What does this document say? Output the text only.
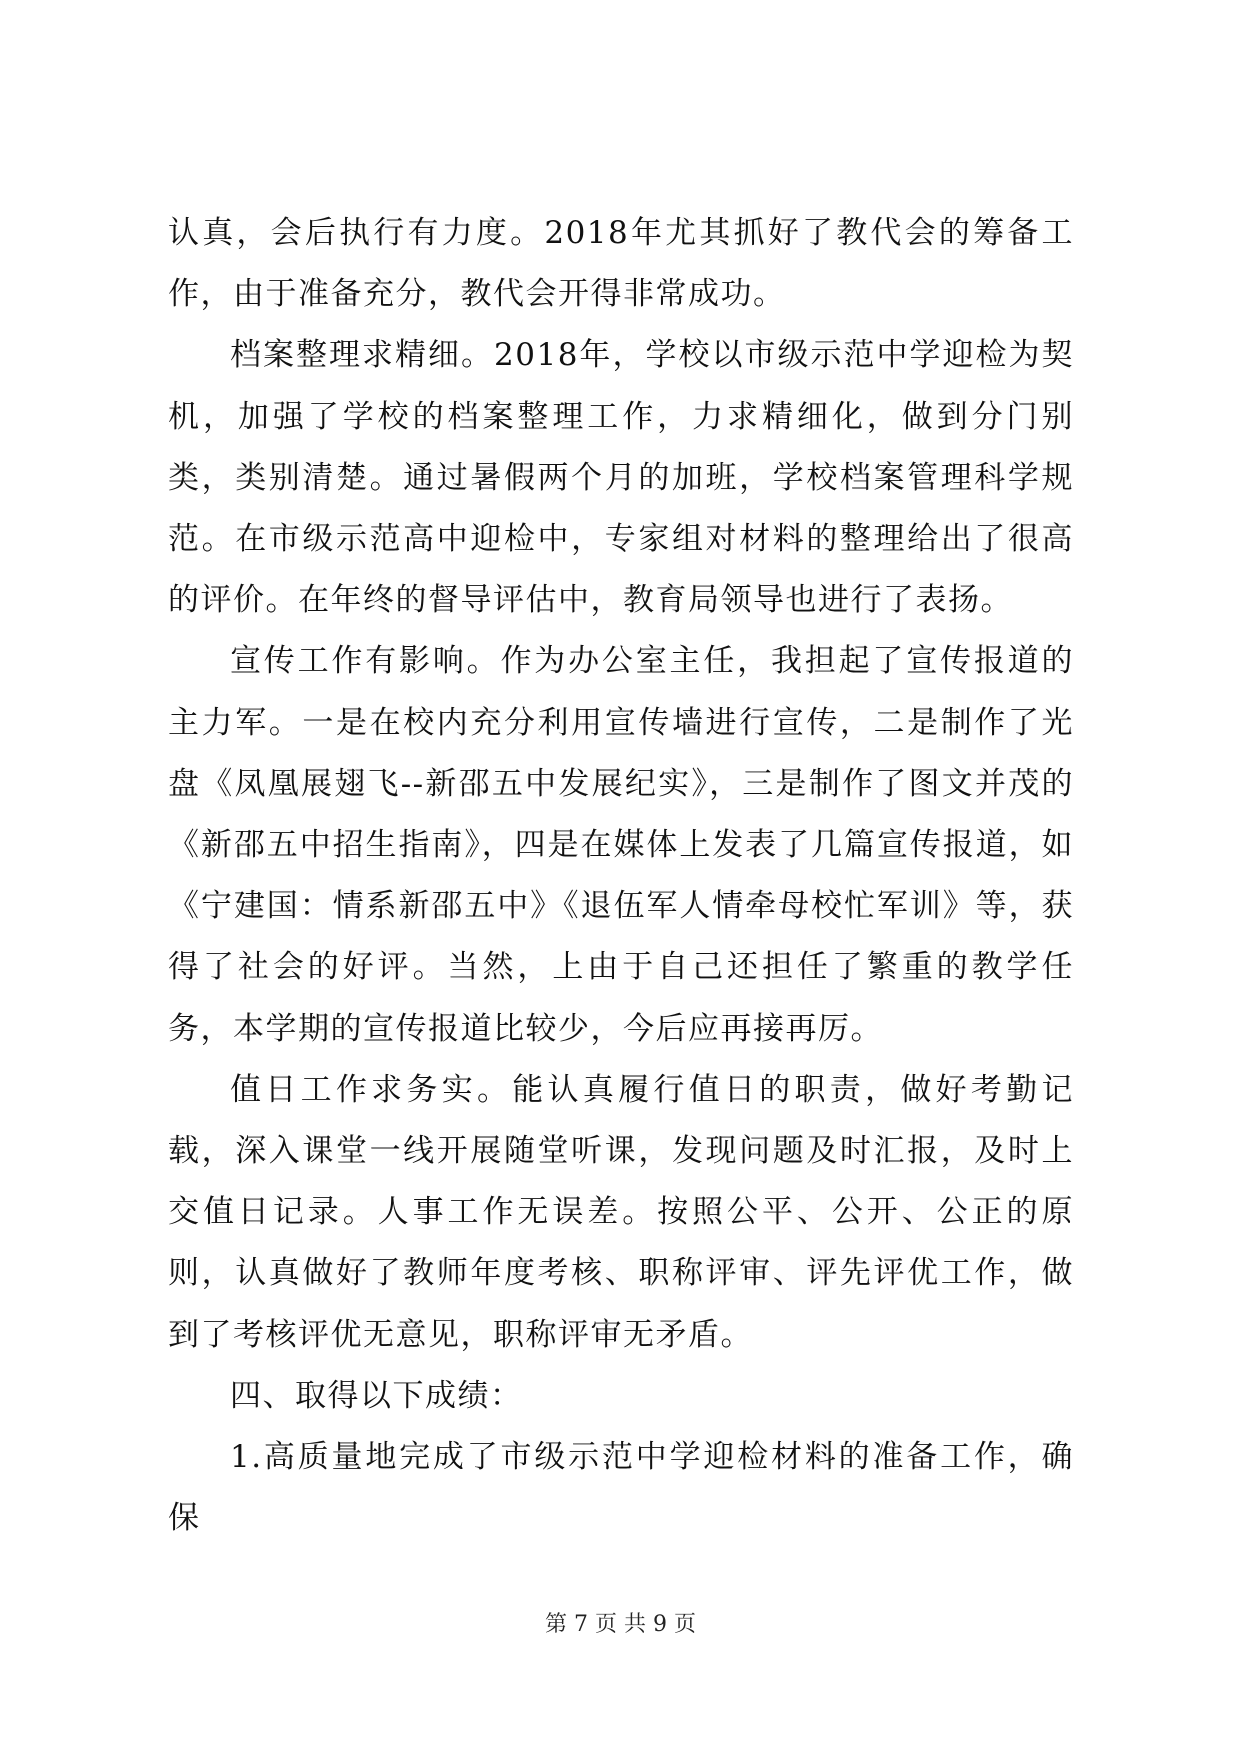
认真，会后执行有力度。2018年尤其抓好了教代会的筹备工作，由于准备充分，教代会开得非常成功。

档案整理求精细。2018年，学校以市级示范中学迎检为契机，加强了学校的档案整理工作，力求精细化，做到分门别类，类别清楚。通过暑假两个月的加班，学校档案管理科学规范。在市级示范高中迎检中，专家组对材料的整理给出了很高的评价。在年终的督导评估中，教育局领导也进行了表扬。

宣传工作有影响。作为办公室主任，我担起了宣传报道的主力军。一是在校内充分利用宣传墙进行宣传，二是制作了光盘《凤凰展翅飞--新邵五中发展纪实》，三是制作了图文并茂的《新邵五中招生指南》，四是在媒体上发表了几篇宣传报道，如《宁建国：情系新邵五中》《退伍军人情牵母校忙军训》等，获得了社会的好评。当然，上由于自己还担任了繁重的教学任务，本学期的宣传报道比较少，今后应再接再厉。

值日工作求务实。能认真履行值日的职责，做好考勤记载，深入课堂一线开展随堂听课，发现问题及时汇报，及时上交值日记录。人事工作无误差。按照公平、公开、公正的原则，认真做好了教师年度考核、职称评审、评先评优工作，做到了考核评优无意见，职称评审无矛盾。

四、取得以下成绩：

1.高质量地完成了市级示范中学迎检材料的准备工作，确保

第 7 页 共 9 页
